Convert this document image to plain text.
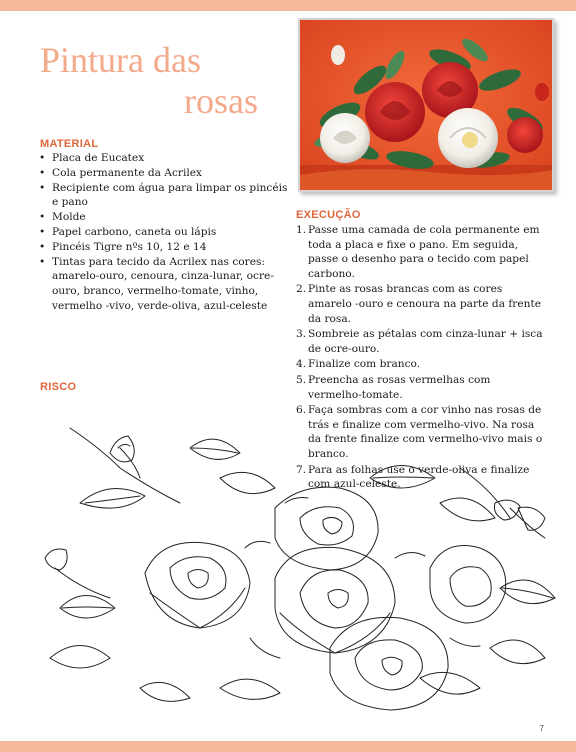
Pintura das
rosas
MATERIAL
• Placa de Eucatex
• Cola permanente da Acrilex
• Recipiente com água para limpar os pincéis e pano
• Molde
• Papel carbono, caneta ou lápis
• Pincéis Tigre nºs 10, 12 e 14
• Tintas para tecido da Acrilex nas cores: amarelo-ouro, cenoura, cinza-lunar, ocre-ouro, branco, vermelho-tomate, vinho, vermelho -vivo, verde-oliva, azul-celeste
EXECUÇÃO
1. Passe uma camada de cola permanente em toda a placa e fixe o pano. Em seguida, passe o desenho para o tecido com papel carbono.
2. Pinte as rosas brancas com as cores amarelo -ouro e cenoura na parte da frente da rosa.
3. Sombreie as pétalas com cinza-lunar + isca de ocre-ouro.
4. Finalize com branco.
5. Preencha as rosas vermelhas com vermelho-tomate.
6. Faça sombras com a cor vinho nas rosas de trás e finalize com vermelho-vivo. Na rosa da frente finalize com vermelho-vivo mais o branco.
7. Para as folhas use o verde-oliva e finalize com azul-celeste.
RISCO
7
